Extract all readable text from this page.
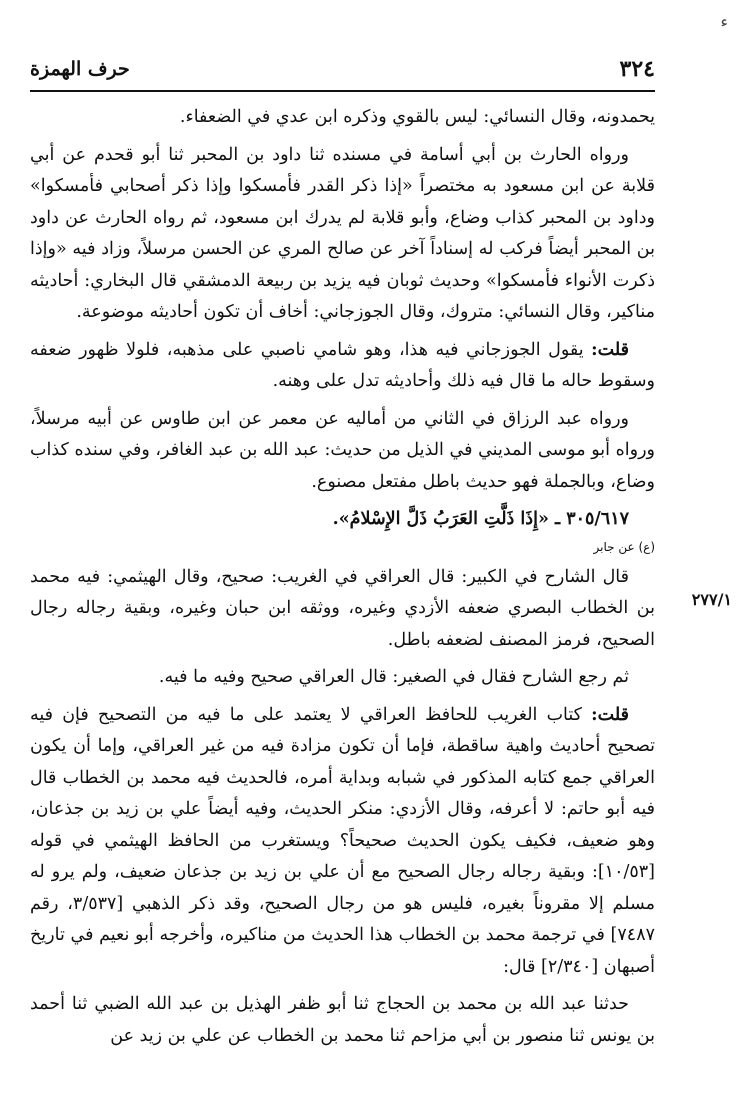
ء
٣٢٤
حرف الهمزة
٢٧٧/١

يحمدونه، وقال النسائي: ليس بالقوي وذكره ابن عدي في الضعفاء.

ورواه الحارث بن أبي أسامة في مسنده ثنا داود بن المحبر ثنا أبو قحدم عن أبي قلابة عن ابن مسعود به مختصراً «إذا ذكر القدر فأمسكوا وإذا ذكر أصحابي فأمسكوا» وداود بن المحبر كذاب وضاع، وأبو قلابة لم يدرك ابن مسعود، ثم رواه الحارث عن داود بن المحبر أيضاً فركب له إسناداً آخر عن صالح المري عن الحسن مرسلاً، وزاد فيه «وإذا ذكرت الأنواء فأمسكوا» وحديث ثوبان فيه يزيد بن ربيعة الدمشقي قال البخاري: أحاديثه مناكير، وقال النسائي: متروك، وقال الجوزجاني: أخاف أن تكون أحاديثه موضوعة.

قلت: يقول الجوزجاني فيه هذا، وهو شامي ناصبي على مذهبه، فلولا ظهور ضعفه وسقوط حاله ما قال فيه ذلك وأحاديثه تدل على وهنه.

ورواه عبد الرزاق في الثاني من أماليه عن معمر عن ابن طاوس عن أبيه مرسلاً، ورواه أبو موسى المديني في الذيل من حديث: عبد الله بن عبد الغافر، وفي سنده كذاب وضاع، وبالجملة فهو حديث باطل مفتعل مصنوع.

٣٠٥/٦١٧ ـ «إِذَا ذَلَّتِ العَرَبُ ذَلَّ الإِسْلامُ».

(ع) عن جابر

قال الشارح في الكبير: قال العراقي في الغريب: صحيح، وقال الهيثمي: فيه محمد بن الخطاب البصري ضعفه الأزدي وغيره، ووثقه ابن حبان وغيره، وبقية رجاله رجال الصحيح، فرمز المصنف لضعفه باطل.

ثم رجع الشارح فقال في الصغير: قال العراقي صحيح وفيه ما فيه.

قلت: كتاب الغريب للحافظ العراقي لا يعتمد على ما فيه من التصحيح فإن فيه تصحيح أحاديث واهية ساقطة، فإما أن تكون مزادة فيه من غير العراقي، وإما أن يكون العراقي جمع كتابه المذكور في شبابه وبداية أمره، فالحديث فيه محمد بن الخطاب قال فيه أبو حاتم: لا أعرفه، وقال الأزدي: منكر الحديث، وفيه أيضاً علي بن زيد بن جذعان، وهو ضعيف، فكيف يكون الحديث صحيحاً؟ ويستغرب من الحافظ الهيثمي في قوله [١٠/٥٣]: وبقية رجاله رجال الصحيح مع أن علي بن زيد بن جذعان ضعيف، ولم يرو له مسلم إلا مقروناً بغيره، فليس هو من رجال الصحيح، وقد ذكر الذهبي [٣/٥٣٧، رقم ٧٤٨٧] في ترجمة محمد بن الخطاب هذا الحديث من مناكيره، وأخرجه أبو نعيم في تاريخ أصبهان [٢/٣٤٠] قال:

حدثنا عبد الله بن محمد بن الحجاج ثنا أبو ظفر الهذيل بن عبد الله الضبي ثنا أحمد بن يونس ثنا منصور بن أبي مزاحم ثنا محمد بن الخطاب عن علي بن زيد عن
